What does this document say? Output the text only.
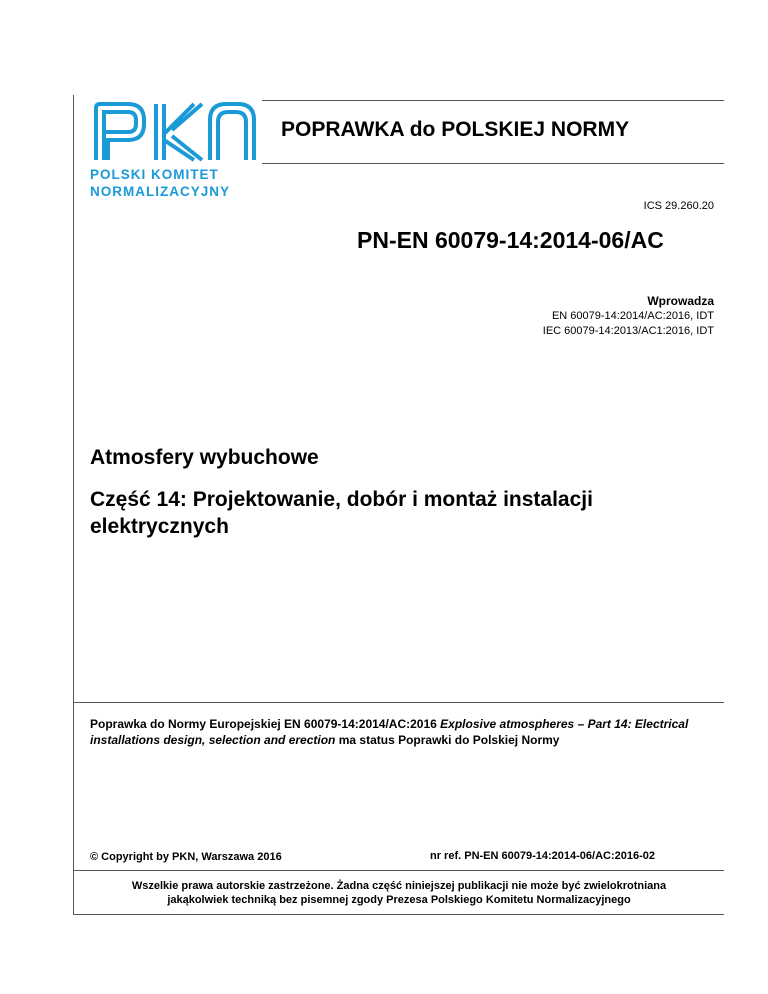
POLSKI KOMITET
NORMALIZACYJNY
POPRAWKA do POLSKIEJ NORMY
ICS 29.260.20
PN-EN 60079-14:2014-06/AC
Wprowadza
EN 60079-14:2014/AC:2016, IDT
IEC 60079-14:2013/AC1:2016, IDT
Atmosfery wybuchowe
Część 14: Projektowanie, dobór i montaż instalacji elektrycznych
Poprawka do Normy Europejskiej EN 60079-14:2014/AC:2016 Explosive atmospheres – Part 14: Electrical installations design, selection and erection ma status Poprawki do Polskiej Normy
© Copyright by PKN, Warszawa 2016	nr ref. PN-EN 60079-14:2014-06/AC:2016-02
Wszelkie prawa autorskie zastrzeżone. Żadna część niniejszej publikacji nie może być zwielokrotniana
jakąkolwiek techniką bez pisemnej zgody Prezesa Polskiego Komitetu Normalizacyjnego
